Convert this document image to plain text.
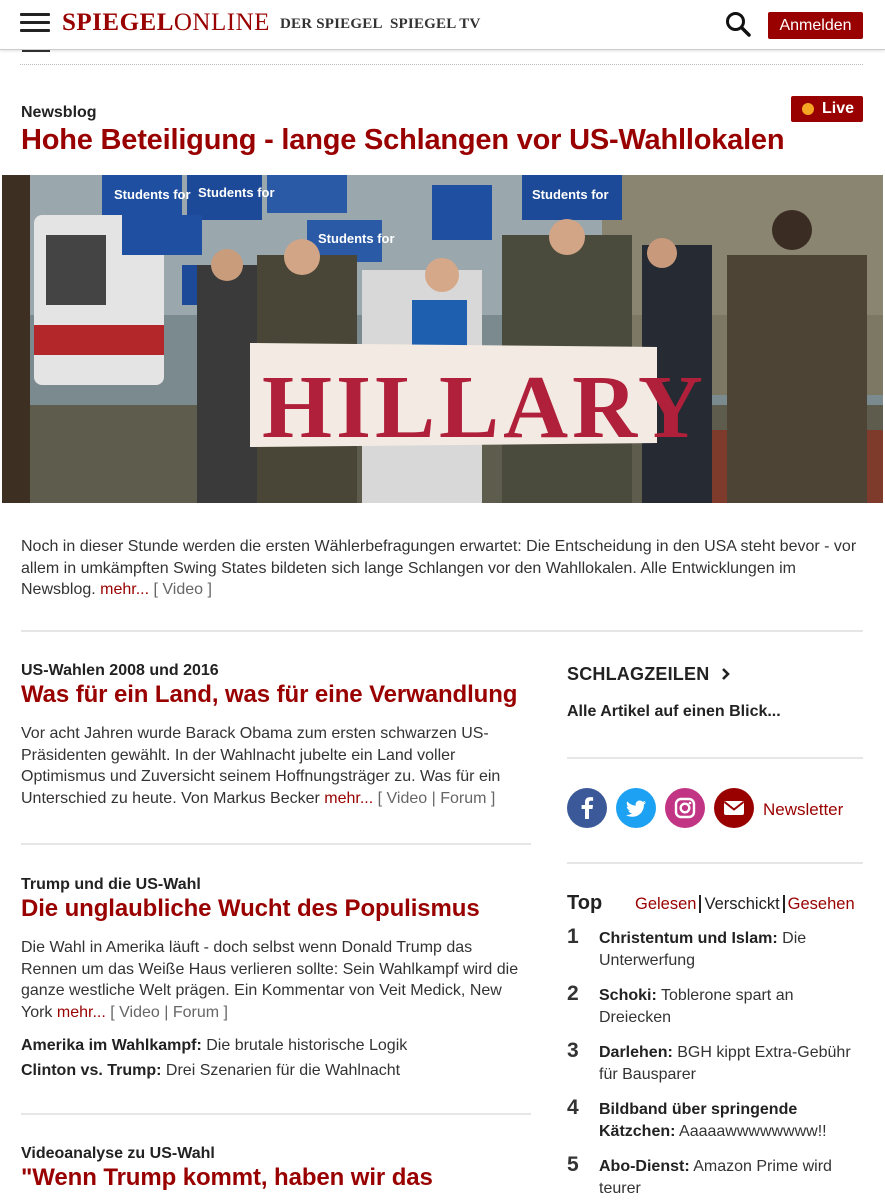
SPIEGELONLINE DER SPIEGEL SPIEGEL TV	Anmelden
Newsblog	Live
Hohe Beteiligung - lange Schlangen vor US-Wahllokalen
Students for Students for
Students for
Students for
HILLARY
Noch in dieser Stunde werden die ersten Wählerbefragungen erwartet: Die Entscheidung in den USA steht bevor - vor allem in umkämpften Swing States bildeten sich lange Schlangen vor den Wahllokalen. Alle Entwicklungen im Newsblog. mehr... [ Video ]
US-Wahlen 2008 und 2016
Was für ein Land, was für eine Verwandlung
Vor acht Jahren wurde Barack Obama zum ersten schwarzen US-Präsidenten gewählt. In der Wahlnacht jubelte ein Land voller Optimismus und Zuversicht seinem Hoffnungsträger zu. Was für ein Unterschied zu heute. Von Markus Becker mehr... [ Video | Forum ]
Trump und die US-Wahl
Die unglaubliche Wucht des Populismus
Die Wahl in Amerika läuft - doch selbst wenn Donald Trump das Rennen um das Weiße Haus verlieren sollte: Sein Wahlkampf wird die ganze westliche Welt prägen. Ein Kommentar von Veit Medick, New York mehr... [ Video | Forum ]
Amerika im Wahlkampf: Die brutale historische Logik
Clinton vs. Trump: Drei Szenarien für die Wahlnacht
Videoanalyse zu US-Wahl
"Wenn Trump kommt, haben wir das
SCHLAGZEILEN
Alle Artikel auf einen Blick...
Newsletter
Top Gelesen Verschickt Gesehen
1 Christentum und Islam: Die Unterwerfung
2 Schoki: Toblerone spart an Dreiecken
3 Darlehen: BGH kippt Extra-Gebühr für Bausparer
4 Bildband über springende Kätzchen: Aaaaawwwwwwww!!
5 Abo-Dienst: Amazon Prime wird teurer
